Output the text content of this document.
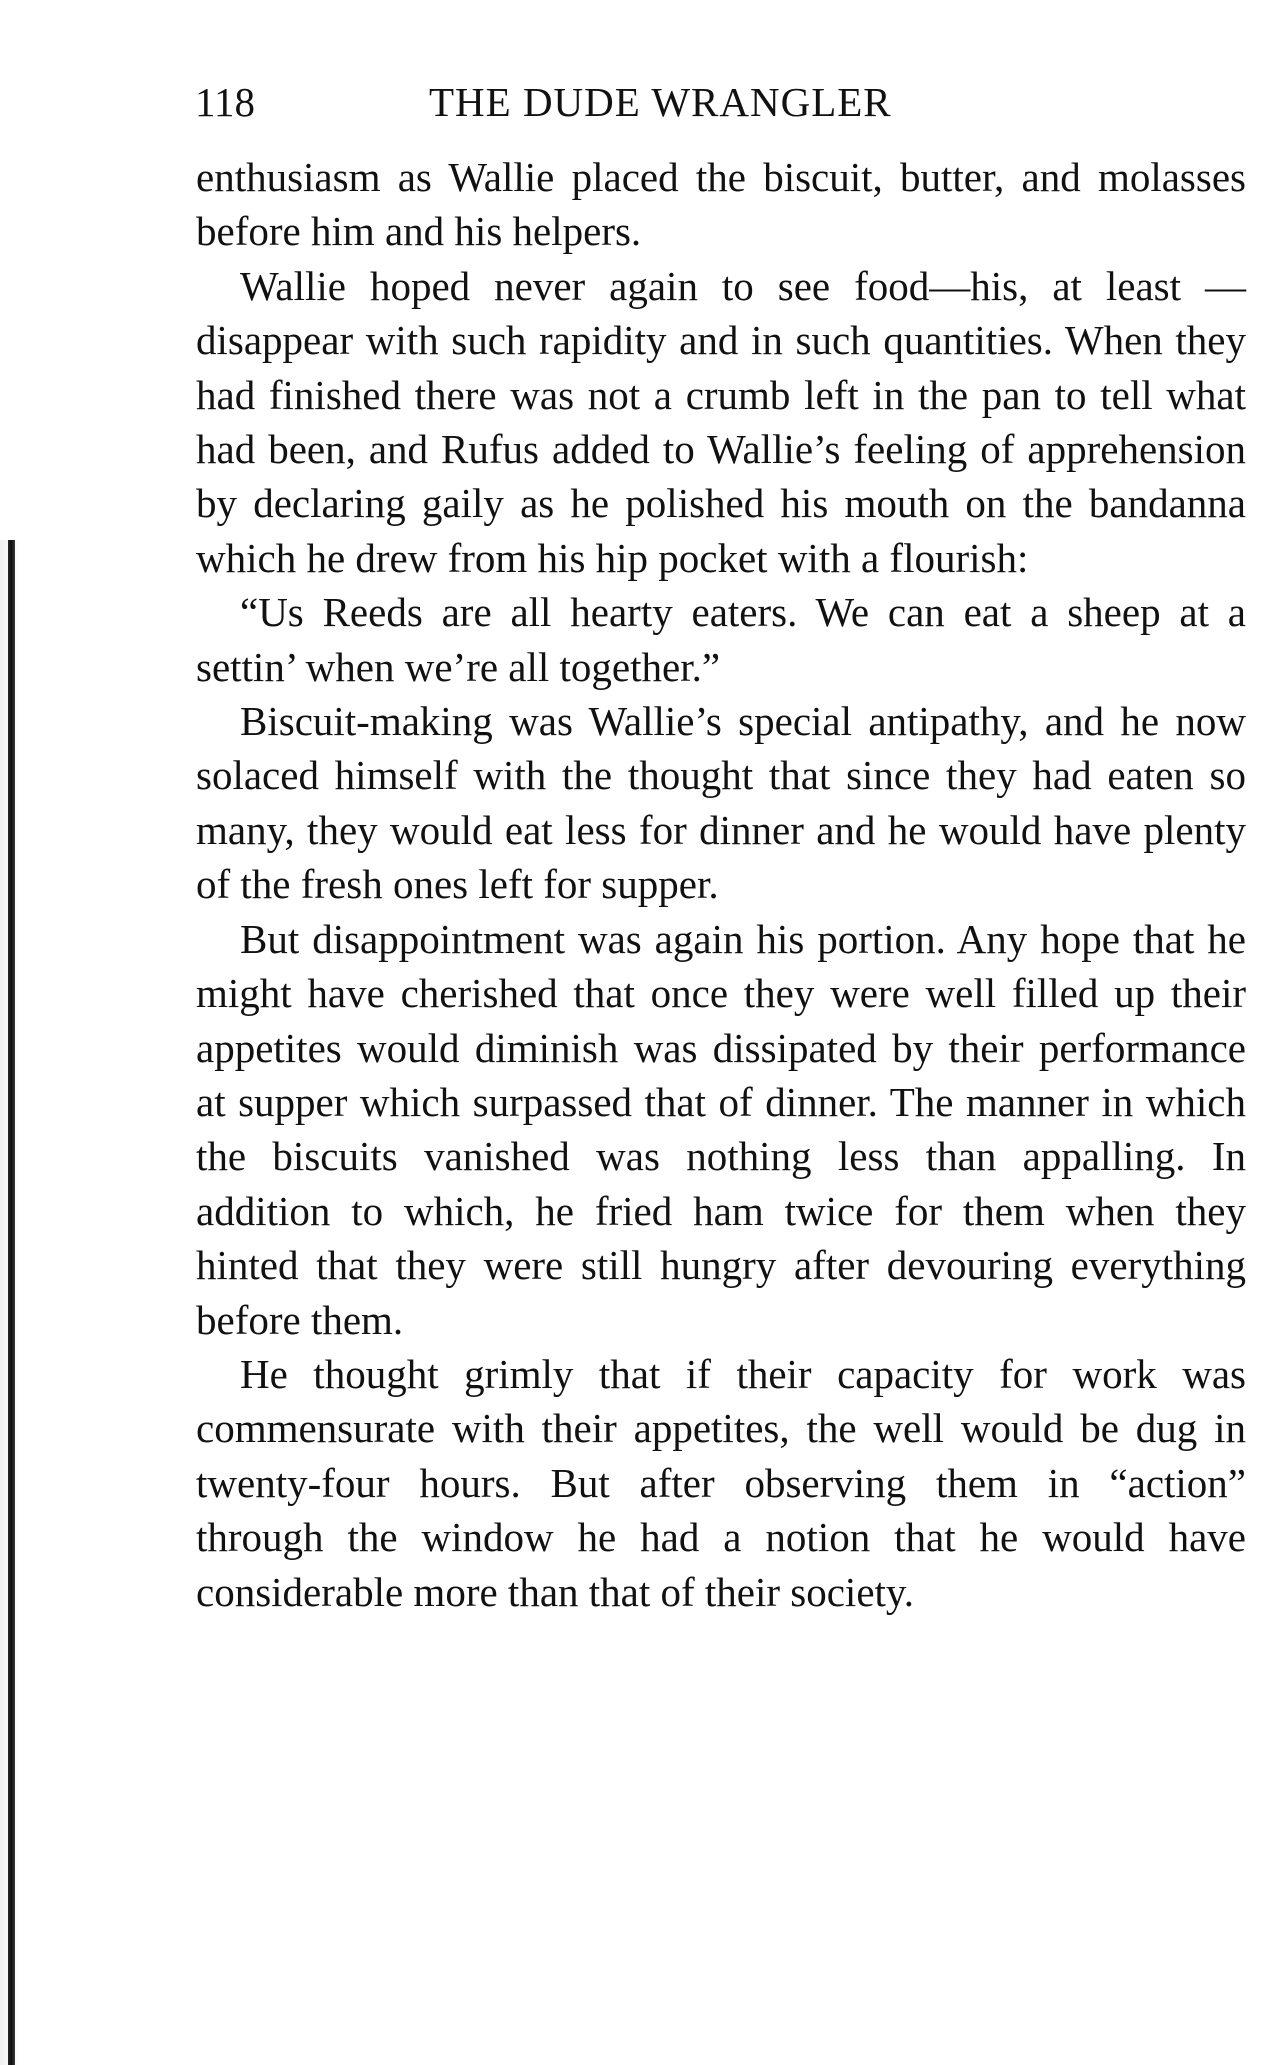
118	THE DUDE WRANGLER

enthusiasm as Wallie placed the biscuit, butter, and molasses before him and his helpers.

Wallie hoped never again to see food—his, at least —disappear with such rapidity and in such quantities. When they had finished there was not a crumb left in the pan to tell what had been, and Rufus added to Wallie’s feeling of apprehension by declaring gaily as he polished his mouth on the bandanna which he drew from his hip pocket with a flourish:

“Us Reeds are all hearty eaters. We can eat a sheep at a settin’ when we’re all together.”

Biscuit-making was Wallie’s special antipathy, and he now solaced himself with the thought that since they had eaten so many, they would eat less for dinner and he would have plenty of the fresh ones left for supper.

But disappointment was again his portion. Any hope that he might have cherished that once they were well filled up their appetites would diminish was dissipated by their performance at supper which surpassed that of dinner. The manner in which the biscuits vanished was nothing less than appalling. In addition to which, he fried ham twice for them when they hinted that they were still hungry after devouring everything before them.

He thought grimly that if their capacity for work was commensurate with their appetites, the well would be dug in twenty-four hours. But after observing them in “action” through the window he had a notion that he would have considerable more than that of their society.
